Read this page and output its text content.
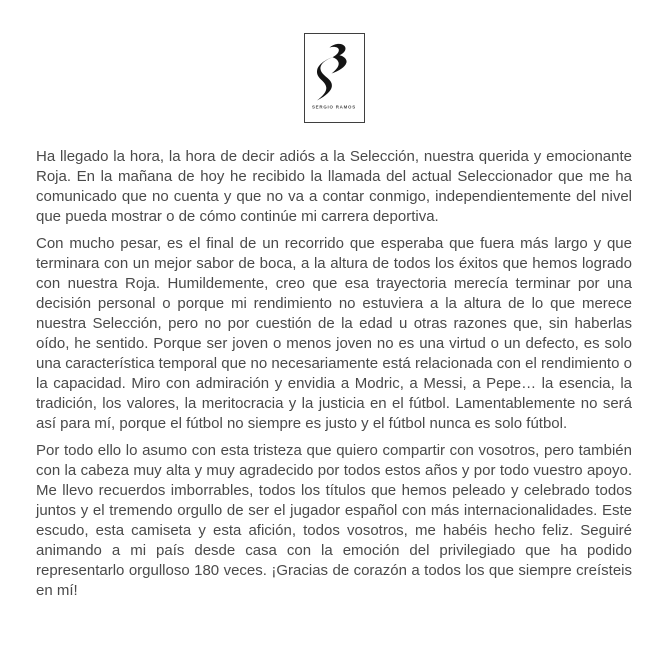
SERGIO RAMOS

Ha llegado la hora, la hora de decir adiós a la Selección, nuestra querida y emocionante Roja. En la mañana de hoy he recibido la llamada del actual Seleccionador que me ha comunicado que no cuenta y que no va a contar conmigo, independientemente del nivel que pueda mostrar o de cómo continúe mi carrera deportiva.

Con mucho pesar, es el final de un recorrido que esperaba que fuera más largo y que terminara con un mejor sabor de boca, a la altura de todos los éxitos que hemos logrado con nuestra Roja. Humildemente, creo que esa trayectoria merecía terminar por una decisión personal o porque mi rendimiento no estuviera a la altura de lo que merece nuestra Selección, pero no por cuestión de la edad u otras razones que, sin haberlas oído, he sentido. Porque ser joven o menos joven no es una virtud o un defecto, es solo una característica temporal que no necesariamente está relacionada con el rendimiento o la capacidad. Miro con admiración y envidia a Modric, a Messi, a Pepe… la esencia, la tradición, los valores, la meritocracia y la justicia en el fútbol. Lamentablemente no será así para mí, porque el fútbol no siempre es justo y el fútbol nunca es solo fútbol.

Por todo ello lo asumo con esta tristeza que quiero compartir con vosotros, pero también con la cabeza muy alta y muy agradecido por todos estos años y por todo vuestro apoyo. Me llevo recuerdos imborrables, todos los títulos que hemos peleado y celebrado todos juntos y el tremendo orgullo de ser el jugador español con más internacionalidades. Este escudo, esta camiseta y esta afición, todos vosotros, me habéis hecho feliz. Seguiré animando a mi país desde casa con la emoción del privilegiado que ha podido representarlo orgulloso 180 veces. ¡Gracias de corazón a todos los que siempre creísteis en mí!
